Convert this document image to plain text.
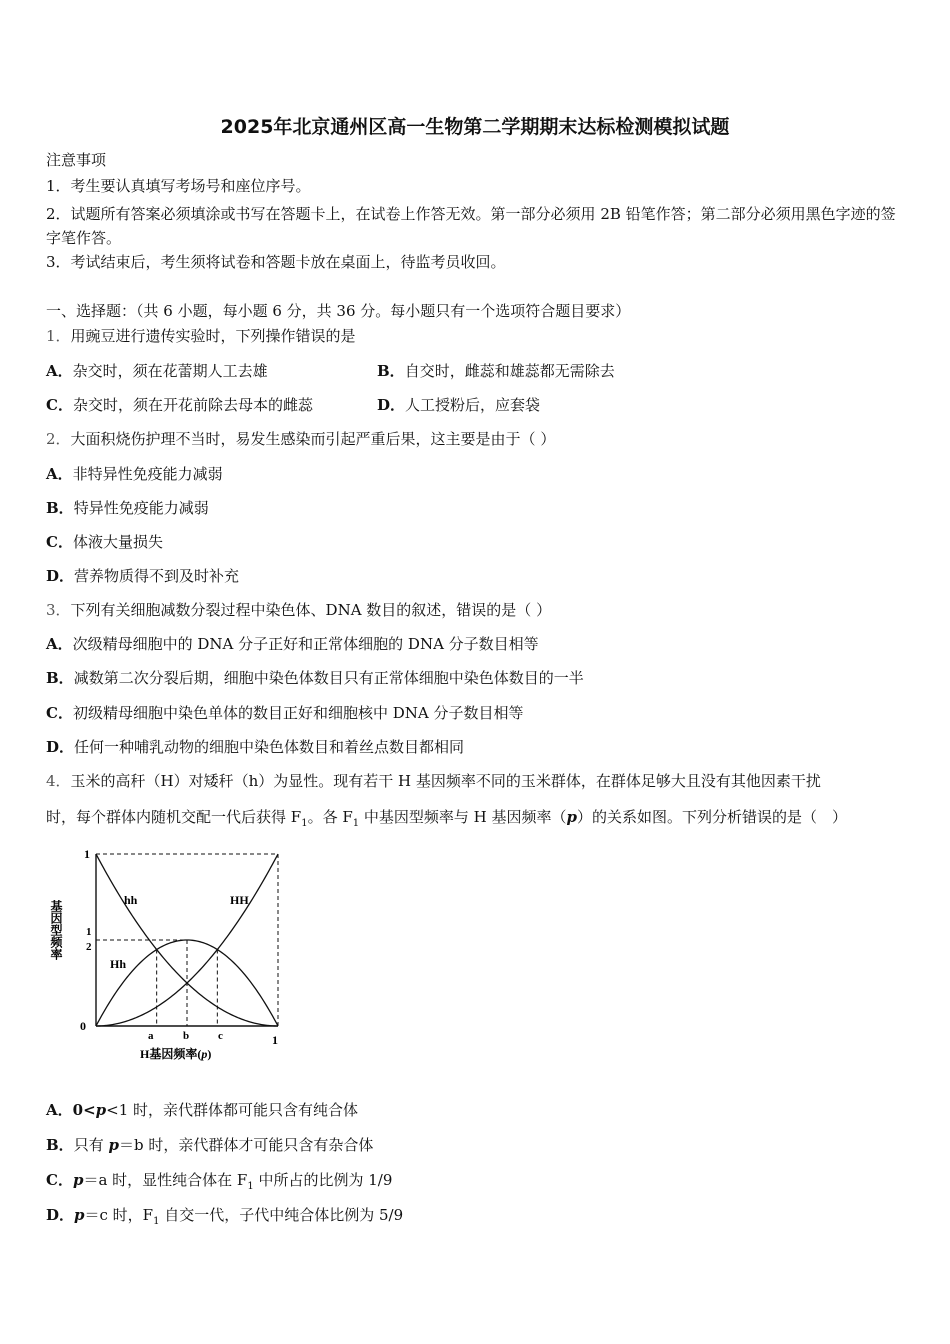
2025年北京通州区高一生物第二学期期末达标检测模拟试题
注意事项
1．考生要认真填写考场号和座位序号。
2．试题所有答案必须填涂或书写在答题卡上，在试卷上作答无效。第一部分必须用 2B 铅笔作答；第二部分必须用黑色字迹的签字笔作答。
3．考试结束后，考生须将试卷和答题卡放在桌面上，待监考员收回。
一、选择题：（共 6 小题，每小题 6 分，共 36 分。每小题只有一个选项符合题目要求）
1．用豌豆进行遗传实验时，下列操作错误的是
A．杂交时，须在花蕾期人工去雄	B．自交时，雌蕊和雄蕊都无需除去
C．杂交时，须在开花前除去母本的雌蕊	D．人工授粉后，应套袋
2．大面积烧伤护理不当时，易发生感染而引起严重后果，这主要是由于（ ）
A．非特异性免疫能力减弱
B．特异性免疫能力减弱
C．体液大量损失
D．营养物质得不到及时补充
3．下列有关细胞减数分裂过程中染色体、DNA 数目的叙述，错误的是（ ）
A．次级精母细胞中的 DNA 分子正好和正常体细胞的 DNA 分子数目相等
B．减数第二次分裂后期，细胞中染色体数目只有正常体细胞中染色体数目的一半
C．初级精母细胞中染色单体的数目正好和细胞核中 DNA 分子数目相等
D．任何一种哺乳动物的细胞中染色体数目和着丝点数目都相同
4．玉米的高秆（H）对矮秆（h）为显性。现有若干 H 基因频率不同的玉米群体，在群体足够大且没有其他因素干扰
时，每个群体内随机交配一代后获得 $F_1$。各 $F_1$ 中基因型频率与 H 基因频率（p）的关系如图。下列分析错误的是（　）
基因型频率
H基因频率(p)
1
1
2
0
a	b	c	1
hh	HH
Hh
A．0<p<1 时，亲代群体都可能只含有纯合体
B．只有 p＝b 时，亲代群体才可能只含有杂合体
C．p＝a 时，显性纯合体在 $F_1$ 中所占的比例为 1/9
D．p＝c 时，$F_1$ 自交一代，子代中纯合体比例为 5/9
